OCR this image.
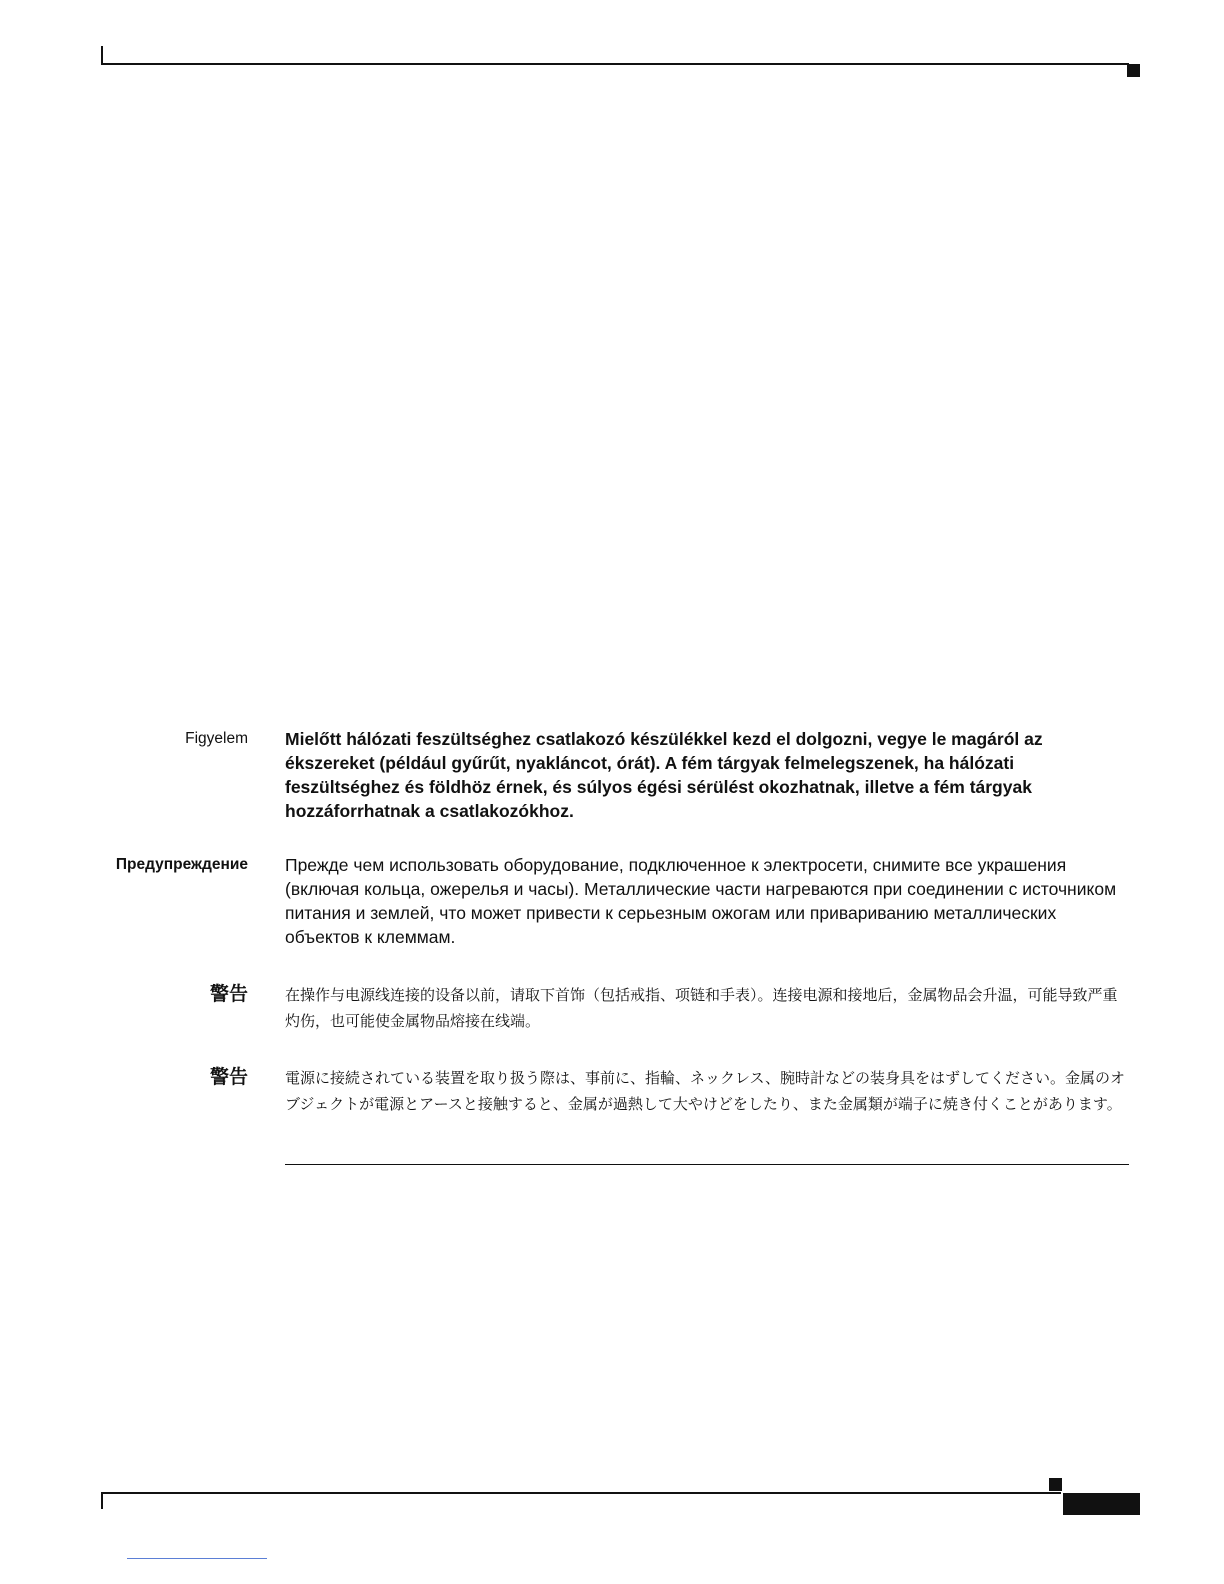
Figyelem Mielőtt hálózati feszültséghez csatlakozó készülékkel kezd el dolgozni, vegye le magáról az ékszereket (például gyűrűt, nyakláncot, órát). A fém tárgyak felmelegszenek, ha hálózati feszültséghez és földhöz érnek, és súlyos égési sérülést okozhatnak, illetve a fém tárgyak hozzáforrhatnak a csatlakozókhoz.
Предупреждение Прежде чем использовать оборудование, подключенное к электросети, снимите все украшения (включая кольца, ожерелья и часы). Металлические части нагреваются при соединении с источником питания и землей, что может привести к серьезным ожогам или привариванию металлических объектов к клеммам.
警告 在操作与电源线连接的设备以前，请取下首饰（包括戒指、项链和手表）。连接电源和接地后，金属物品会升温，可能导致严重灼伤，也可能使金属物品熔接在线端。
警告 電源に接続されている装置を取り扱う際は、事前に、指輪、ネックレス、腕時計などの装身具をはずしてください。金属のオブジェクトが電源とアースと接触すると、金属が過熱して大やけどをしたり、また金属類が端子に焼き付くことがあります。
